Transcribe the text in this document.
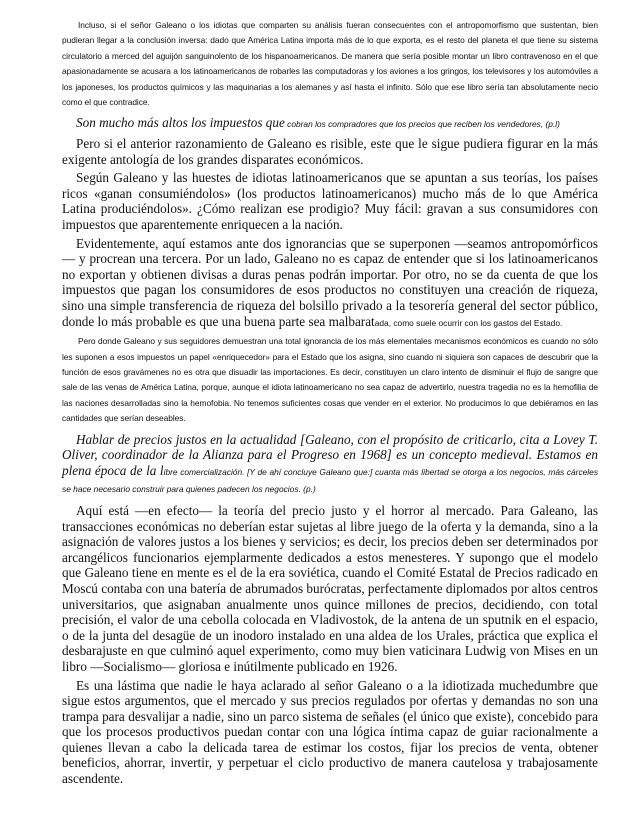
Incluso, si el señor Galeano o los idiotas que comparten su análisis fueran consecuentes con el antropomorfismo que sustentan, bien pudieran llegar a la conclusión inversa: dado que América Latina importa más de lo que exporta, es el resto del planeta el que tiene su sistema circulatorio a merced del aguijón sanguinolento de los hispanoamericanos. De manera que sería posible montar un libro contravenoso en el que apasionadamente se acusara a los latinoamericanos de robarles las computadoras y los aviones a los gringos, los televisores y los automóviles a los japoneses, los productos químicos y las maquinarias a los alemanes y así hasta el infinito. Sólo que ese libro sería tan absolutamente necio como el que contradice.

Son mucho más altos los impuestos que cobran los compradores que los precios que reciben los vendedores, (p.l)

Pero si el anterior razonamiento de Galeano es risible, este que le sigue pudiera figurar en la más exigente antología de los grandes disparates económicos.

Según Galeano y las huestes de idiotas latinoamericanos que se apuntan a sus teorías, los países ricos «ganan consumiéndolos» (los productos latinoamericanos) mucho más de lo que América Latina produciéndolos». ¿Cómo realizan ese prodigio? Muy fácil: gravan a sus consumidores con impuestos que aparentemente enriquecen a la nación.

Evidentemente, aquí estamos ante dos ignorancias que se superponen —seamos antropomórficos— y procrean una tercera. Por un lado, Galeano no es capaz de entender que si los latinoamericanos no exportan y obtienen divisas a duras penas podrán importar. Por otro, no se da cuenta de que los impuestos que pagan los consumidores de esos productos no constituyen una creación de riqueza, sino una simple transferencia de riqueza del bolsillo privado a la tesorería general del sector público, donde lo más probable es que una buena parte sea malbaratada, como suele ocurrir con los gastos del Estado.

Pero donde Galeano y sus seguidores demuestran una total ignorancia de los más elementales mecanismos económicos es cuando no sólo les suponen a esos impuestos un papel «enriquecedor» para el Estado que los asigna, sino cuando ni siquiera son capaces de descubrir que la función de esos gravámenes no es otra que disuadir las importaciones. Es decir, constituyen un claro intento de disminuir el flujo de sangre que sale de las venas de América Latina, porque, aunque el idiota latinoamericano no sea capaz de advertirlo, nuestra tragedia no es la hemofilia de las naciones desarrolladas sino la hemofobia. No tenemos suficientes cosas que vender en el exterior. No producimos lo que debiéramos en las cantidades que serían deseables.

Hablar de precios justos en la actualidad [Galeano, con el propósito de criticarlo, cita a Lovey T. Oliver, coordinador de la Alianza para el Progreso en 1968] es un concepto medieval. Estamos en plena época de la libre comercialización. [Y de ahí concluye Galeano que:] cuanta más libertad se otorga a los negocios, más cárceles se hace necesario construir para quienes padecen los negocios. (p.)

Aquí está —en efecto— la teoría del precio justo y el horror al mercado. Para Galeano, las transacciones económicas no deberían estar sujetas al libre juego de la oferta y la demanda, sino a la asignación de valores justos a los bienes y servicios; es decir, los precios deben ser determinados por arcangélicos funcionarios ejemplarmente dedicados a estos menesteres. Y supongo que el modelo que Galeano tiene en mente es el de la era soviética, cuando el Comité Estatal de Precios radicado en Moscú contaba con una batería de abrumados burócratas, perfectamente diplomados por altos centros universitarios, que asignaban anualmente unos quince millones de precios, decidiendo, con total precisión, el valor de una cebolla colocada en Vladivostok, de la antena de un sputnik en el espacio, o de la junta del desagüe de un inodoro instalado en una aldea de los Urales, práctica que explica el desbarajuste en que culminó aquel experimento, como muy bien vaticinara Ludwig von Mises en un libro —Socialismo— gloriosa e inútilmente publicado en 1926.

Es una lástima que nadie le haya aclarado al señor Galeano o a la idiotizada muchedumbre que sigue estos argumentos, que el mercado y sus precios regulados por ofertas y demandas no son una trampa para desvalijar a nadie, sino un parco sistema de señales (el único que existe), concebido para que los procesos productivos puedan contar con una lógica íntima capaz de guiar racionalmente a quienes llevan a cabo la delicada tarea de estimar los costos, fijar los precios de venta, obtener beneficios, ahorrar, invertir, y perpetuar el ciclo productivo de manera cautelosa y trabajosamente ascendente.
